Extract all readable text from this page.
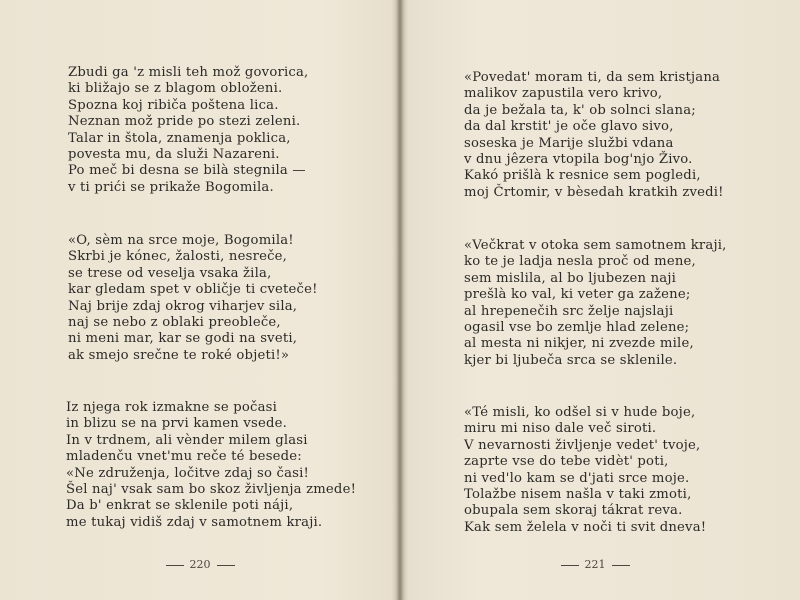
Zbudi ga 'z misli teh mož govorica,
ki bližajo se z blagom obloženi.
Spozna koj ribiča poštena lica.
Neznan mož pride po stezi zeleni.
Talar in štola, znamenja poklica,
povesta mu, da služi Nazareni.
Po meč bi desna se bilà stegnila —
v ti prići se prikaže Bogomila.
«O, sèm na srce moje, Bogomila!
Skrbi je kónec, žalosti, nesreče,
se trese od veselja vsaka žila,
kar gledam spet v obličje ti cveteče!
Naj brije zdaj okrog viharjev sila,
naj se nebo z oblaki preobleče,
ni meni mar, kar se godi na sveti,
ak smejo srečne te roké objeti!»
Iz njega rok izmakne se počasi
in blizu se na prvi kamen vsede.
In v trdnem, ali vènder milem glasi
mladenču vnet'mu reče té besede:
«Ne združenja, ločitve zdaj so časi!
Šel naj' vsak sam bo skoz življenja zmede!
Da b' enkrat se sklenile poti náji,
me tukaj vidiš zdaj v samotnem kraji.
220
«Povedat' moram ti, da sem kristjana
malikov zapustila vero krivo,
da je bežala ta, k' ob solnci slana;
da dal krstit' je oče glavo sivo,
soseska je Marije službi vdana
v dnu jêzera vtopila bog'njo Živo.
Kakó prišlà k resnice sem pogledi,
moj Črtomir, v bèsedah kratkih zvedi!
«Večkrat v otoka sem samotnem kraji,
ko te je ladja nesla proč od mene,
sem mislila, al bo ljubezen naji
prešlà ko val, ki veter ga zažene;
al hrepenečih src želje najslaji
ogasil vse bo zemlje hlad zelene;
al mesta ni nikjer, ni zvezde mile,
kjer bi ljubeča srca se sklenile.
«Té misli, ko odšel si v hude boje,
miru mi niso dale več siroti.
V nevarnosti življenje vedet' tvoje,
zaprte vse do tebe vidèt' poti,
ni ved'lo kam se d'jati srce moje.
Tolažbe nisem našla v taki zmoti,
obupala sem skoraj tákrat reva.
Kak sem želela v noči ti svit dneva!
221
